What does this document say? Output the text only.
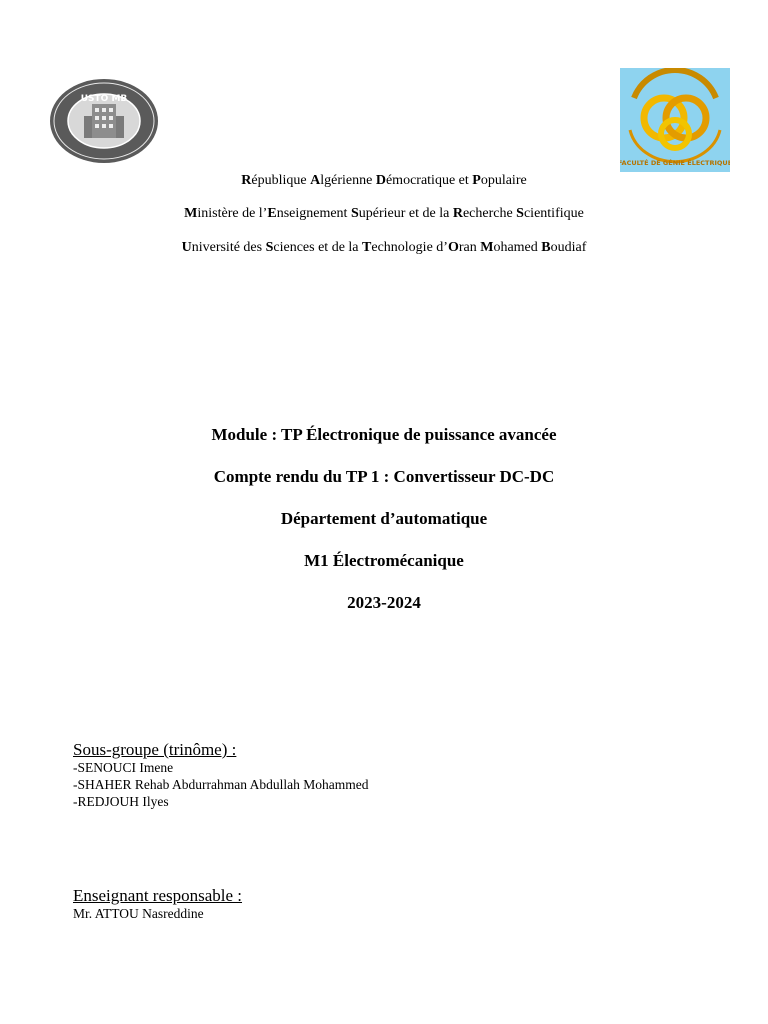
USTO MB
FACULTÉ DE GÉNIE ÉLECTRIQUE
République Algérienne Démocratique et Populaire
Ministère de l’Enseignement Supérieur et de la Recherche Scientifique
Université des Sciences et de la Technologie d’Oran Mohamed Boudiaf
Module : TP Électronique de puissance avancée
Compte rendu du TP 1 : Convertisseur DC-DC
Département d’automatique
M1 Électromécanique
2023-2024
Sous-groupe (trinôme) :
-SENOUCI Imene
-SHAHER Rehab Abdurrahman Abdullah Mohammed
-REDJOUH Ilyes
Enseignant responsable :
Mr. ATTOU Nasreddine
